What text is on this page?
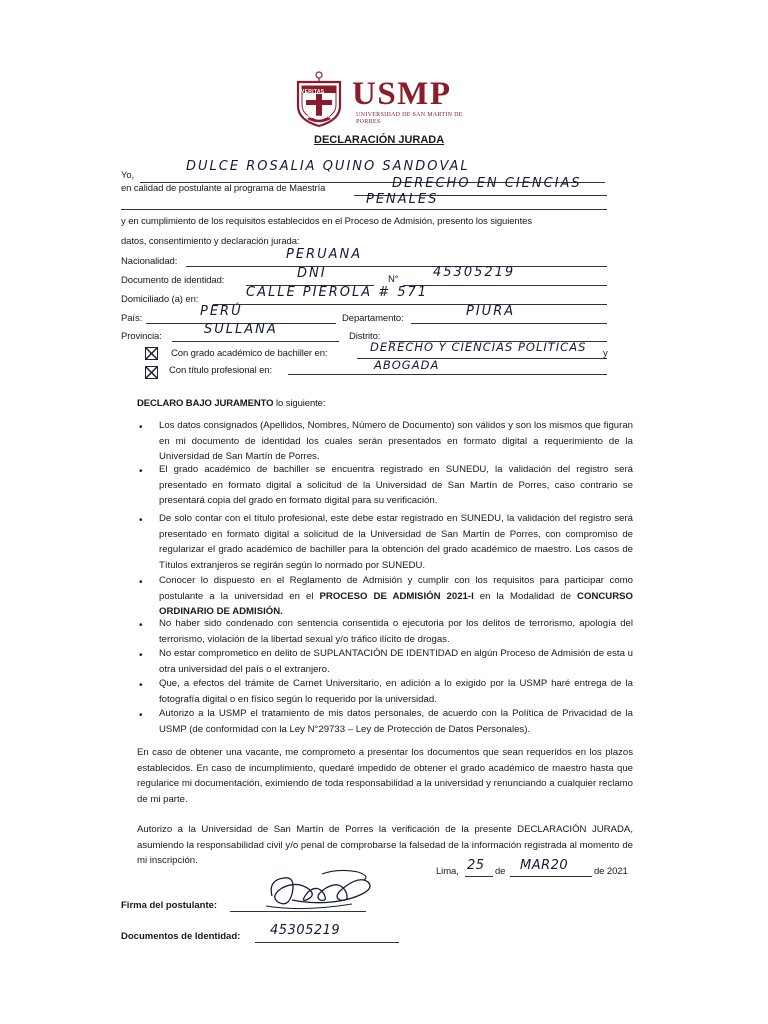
VERITAS
LIBERABIT VOS
USMP
UNIVERSIDAD DE SAN MARTIN DE PORRES
DECLARACIÓN JURADA
Yo,
DULCE ROSALIA QUINO SANDOVAL
en calidad de postulante al programa de Maestría	DERECHO EN CIENCIAS
PENALES
y en cumplimiento de los requisitos establecidos en el Proceso de Admisión, presento los siguientes
datos, consentimiento y declaración jurada:
Nacionalidad:	PERUANA
Documento de identidad:	DNI	N°	45305219
Domiciliado (a) en:	CALLE PIEROLA # 571
País:	PERÚ	Departamento:	PIURA
Provincia:	SULLANA	Distrito:
Con grado académico de bachiller en:	DERECHO Y CIENCIAS POLITICAS y
Con título profesional en:	ABOGADA
DECLARO BAJO JURAMENTO lo siguiente:
• Los datos consignados (Apellidos, Nombres, Número de Documento) son válidos y son los mismos que figuran en mi documento de identidad los cuales serán presentados en formato digital a requerimiento de la Universidad de San Martín de Porres.
• El grado académico de bachiller se encuentra registrado en SUNEDU, la validación del registro será presentado en formato digital a solicitud de la Universidad de San Martín de Porres, caso contrario se presentará copia del grado en formato digital para su verificación.
• De solo contar con el título profesional, este debe estar registrado en SUNEDU, la validación del registro será presentado en formato digital a solicitud de la Universidad de San Martín de Porres, con compromiso de regularizar el grado académico de bachiller para la obtención del grado académico de maestro. Los casos de Títulos extranjeros se regirán según lo normado por SUNEDU.
• Conocer lo dispuesto en el Reglamento de Admisión y cumplir con los requisitos para participar como postulante a la universidad en el PROCESO DE ADMISIÓN 2021-I en la Modalidad de CONCURSO ORDINARIO DE ADMISIÓN.
• No haber sido condenado con sentencia consentida o ejecutoria por los delitos de terrorismo, apología del terrorismo, violación de la libertad sexual y/o tráfico ilícito de drogas.
• No estar comprometico en delito de SUPLANTACIÓN DE IDENTIDAD en algún Proceso de Admisión de esta u otra universidad del país o el extranjero.
• Que, a efectos del trámite de Carnet Universitario, en adición a lo exigido por la USMP haré entrega de la fotografía digital o en físico según lo requerido por la universidad.
• Autorizo a la USMP el tratamiento de mis datos personales, de acuerdo con la Política de Privacidad de la USMP (de conformidad con la Ley N°29733 – Ley de Protección de Datos Personales).
En caso de obtener una vacante, me comprometo a presentar los documentos que sean requeridos en los plazos establecidos. En caso de incumplimiento, quedaré impedido de obtener el grado académico de maestro hasta que regularice mi documentación, eximiendo de toda responsabilidad a la universidad y renunciando a cualquier reclamo de mi parte.
Autorizo a la Universidad de San Martín de Porres la verificación de la presente DECLARACIÓN JURADA, asumiendo la responsabilidad civil y/o penal de comprobarse la falsedad de la información registrada al momento de mi inscripción.
Lima, 25 de MAR20	de 2021
Firma del postulante:
Documentos de Identidad: 45305219
